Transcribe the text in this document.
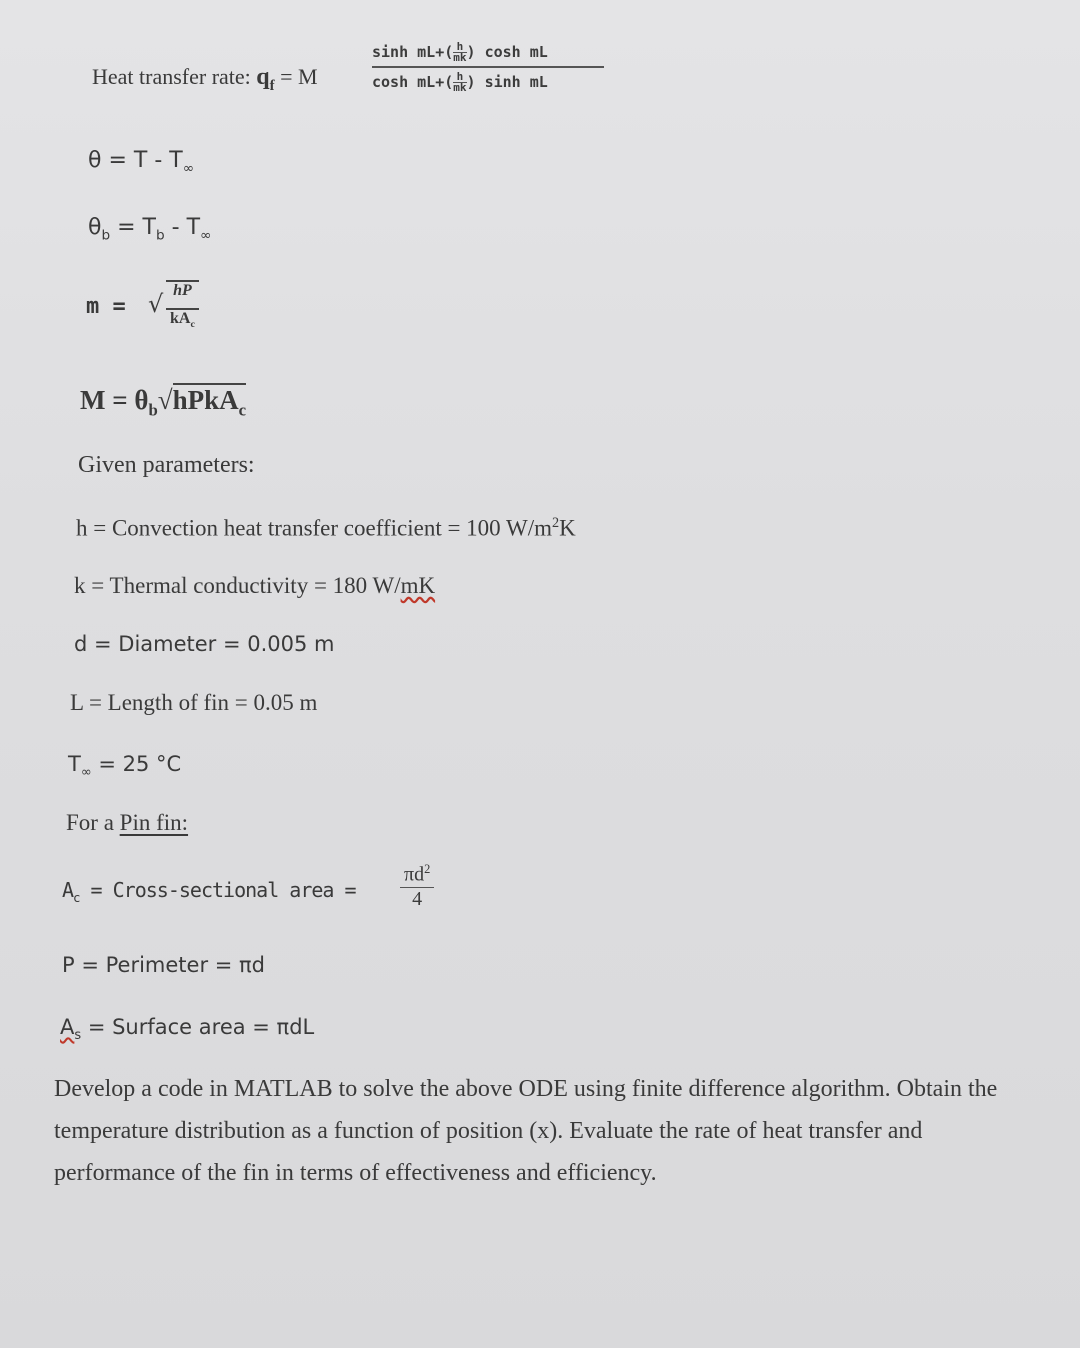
Heat transfer rate: $q_f = M$
$\sinh mL+( \frac{h}{mk}$ ) cosh mL
$\cosh mL+( \frac{h}{mk}$ ) sinh mL
$\theta = T - T_\infty$
$\theta_b = T_b - T_\infty$
m = √ hP
$kA_c$
$M = \theta_b√hPkA_c$
Given parameters:
h = Convection heat transfer coefficient = 100 $W/m^2K$
k = Thermal conductivity = 180 W/mK
d = Diameter = 0.005 m
L = Length of fin = 0.05 m
$T_\infty = 25$ °C
For a Pin fin:
$A_c$ = Cross-sectional area = $\frac{\pi d^2}{4}$
P = Perimeter = πd
$A_s$ = Surface area = πdL
Develop a code in MATLAB to solve the above ODE using finite difference algorithm. Obtain the temperature distribution as a function of position (x). Evaluate the rate of heat transfer and performance of the fin in terms of effectiveness and efficiency.
